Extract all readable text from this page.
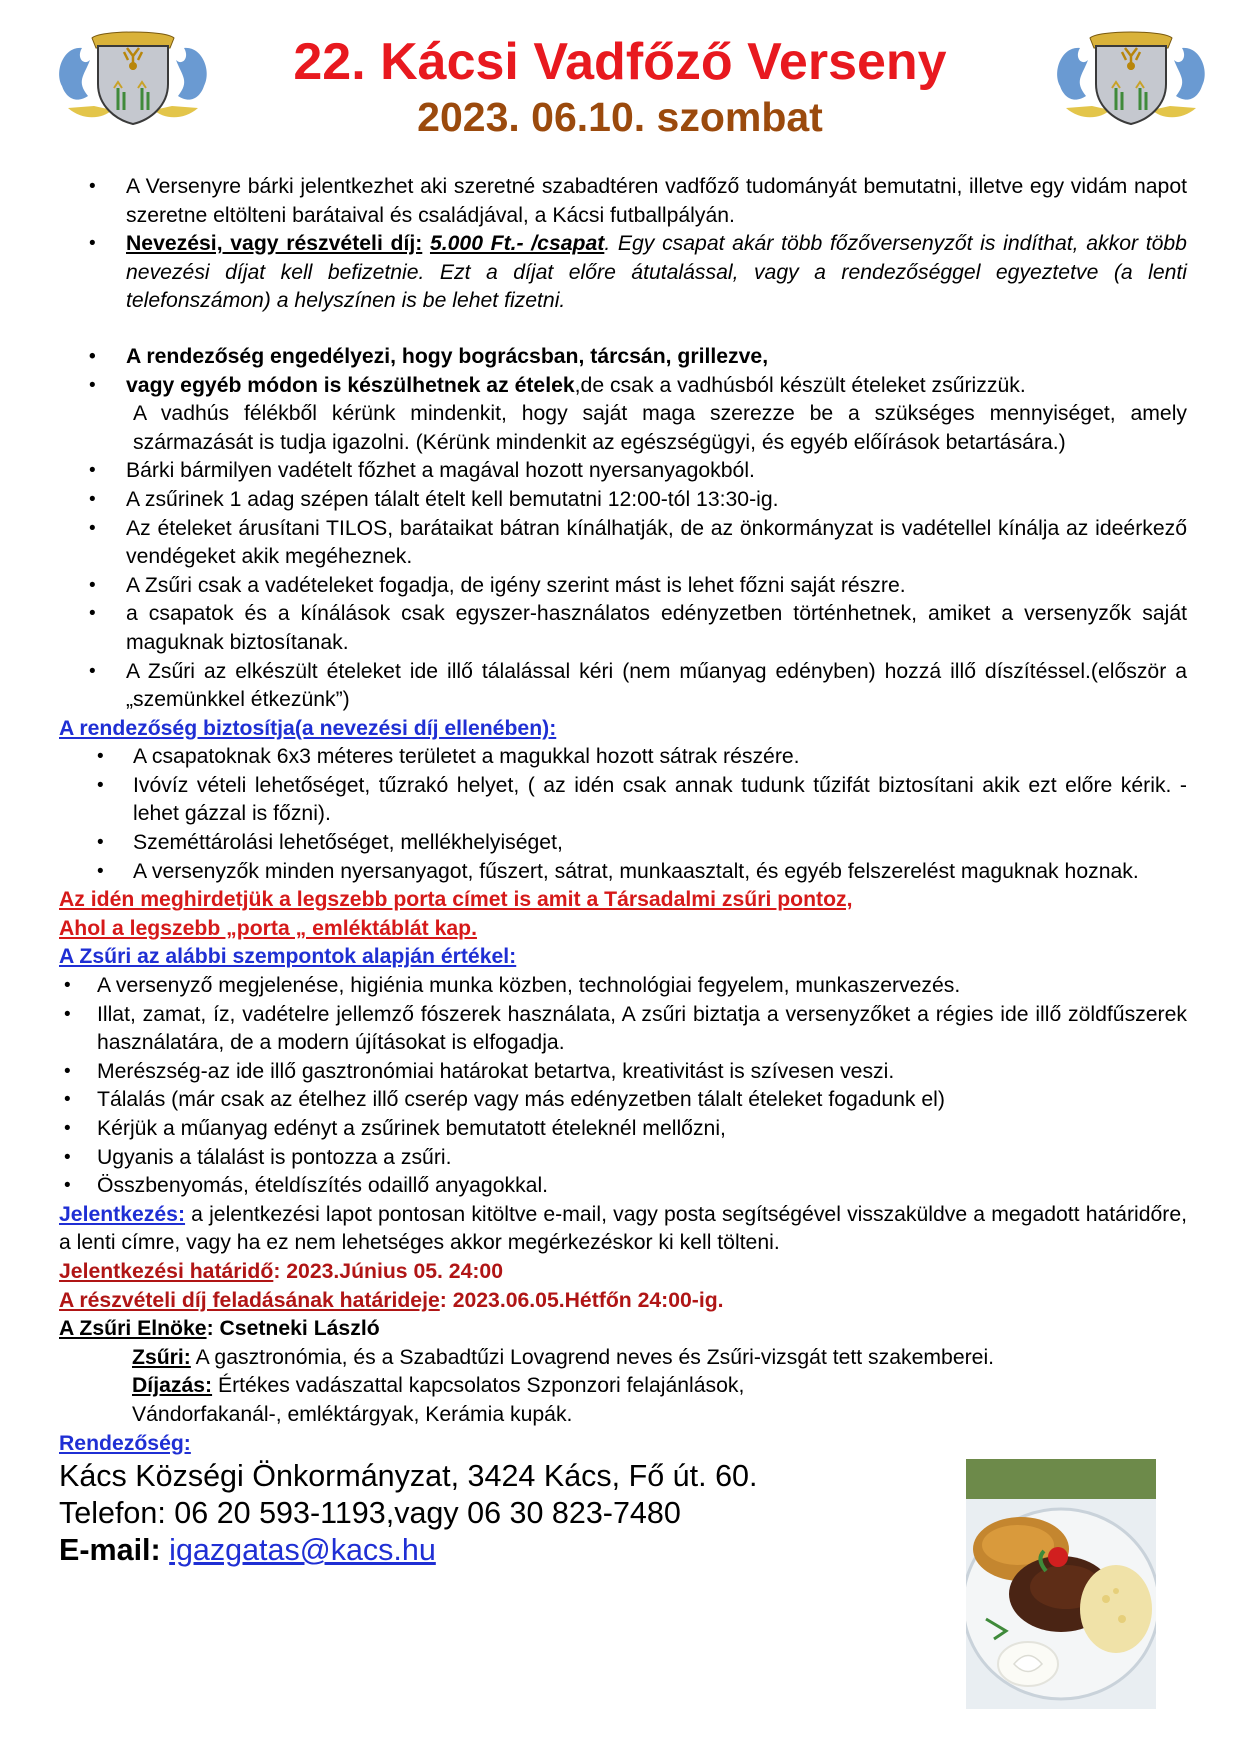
22. Kácsi Vadfőző Verseny
2023. 06.10. szombat
• A Versenyre bárki jelentkezhet aki szeretné szabadtéren vadfőző tudományát bemutatni, illetve egy vidám napot szeretne eltölteni barátaival és családjával, a Kácsi futballpályán.
• Nevezési, vagy részvételi díj: 5.000 Ft.- /csapat. Egy csapat akár több főzőversenyzőt is indíthat, akkor több nevezési díjat kell befizetnie. Ezt a díjat előre átutalással, vagy a rendezőséggel egyeztetve (a lenti telefonszámon) a helyszínen is be lehet fizetni.
• A rendezőség engedélyezi, hogy bográcsban, tárcsán, grillezve,
• vagy egyéb módon is készülhetnek az ételek,de csak a vadhúsból készült ételeket zsűrizzük.
A vadhús félékből kérünk mindenkit, hogy saját maga szerezze be a szükséges mennyiséget, amely származását is tudja igazolni. (Kérünk mindenkit az egészségügyi, és egyéb előírások betartására.)
• Bárki bármilyen vadételt főzhet a magával hozott nyersanyagokból.
• A zsűrinek 1 adag szépen tálalt ételt kell bemutatni 12:00-tól 13:30-ig.
• Az ételeket árusítani TILOS, barátaikat bátran kínálhatják, de az önkormányzat is vadétellel kínálja az ideérkező vendégeket akik megéheznek.
• A Zsűri csak a vadételeket fogadja, de igény szerint mást is lehet főzni saját részre.
• a csapatok és a kínálások csak egyszer-használatos edényzetben történhetnek, amiket a versenyzők saját maguknak biztosítanak.
• A Zsűri az elkészült ételeket ide illő tálalással kéri (nem műanyag edényben) hozzá illő díszítéssel.(először a „szemünkkel étkezünk”)
A rendezőség biztosítja(a nevezési díj ellenében):
• A csapatoknak 6x3 méteres területet a magukkal hozott sátrak részére.
• Ivóvíz vételi lehetőséget, tűzrakó helyet, ( az idén csak annak tudunk tűzifát biztosítani akik ezt előre kérik. - lehet gázzal is főzni).
• Szeméttárolási lehetőséget, mellékhelyiséget,
• A versenyzők minden nyersanyagot, fűszert, sátrat, munkaasztalt, és egyéb felszerelést maguknak hoznak.
Az idén meghirdetjük a legszebb porta címet is amit a Társadalmi zsűri pontoz,
Ahol a legszebb „porta „ emléktáblát kap.
A Zsűri az alábbi szempontok alapján értékel:
• A versenyző megjelenése, higiénia munka közben, technológiai fegyelem, munkaszervezés.
• Illat, zamat, íz, vadételre jellemző fószerek használata, A zsűri biztatja a versenyzőket a régies ide illő zöldfűszerek használatára, de a modern újításokat is elfogadja.
• Merészség-az ide illő gasztronómiai határokat betartva, kreativitást is szívesen veszi.
• Tálalás (már csak az ételhez illő cserép vagy más edényzetben tálalt ételeket fogadunk el)
• Kérjük a műanyag edényt a zsűrinek bemutatott ételeknél mellőzni,
• Ugyanis a tálalást is pontozza a zsűri.
• Összbenyomás, ételdíszítés odaillő anyagokkal.
Jelentkezés: a jelentkezési lapot pontosan kitöltve e-mail, vagy posta segítségével visszaküldve a megadott határidőre, a lenti címre, vagy ha ez nem lehetséges akkor megérkezéskor ki kell tölteni.
Jelentkezési határidő: 2023.Június 05. 24:00
A részvételi díj feladásának határideje: 2023.06.05.Hétfőn 24:00-ig.
A Zsűri Elnöke: Csetneki László
Zsűri: A gasztronómia, és a Szabadtűzi Lovagrend neves és Zsűri-vizsgát tett szakemberei.
Díjazás: Értékes vadászattal kapcsolatos Szponzori felajánlások,
Vándorfakanál-, emléktárgyak, Kerámia kupák.
Rendezőség:
Kács Községi Önkormányzat, 3424 Kács, Fő út. 60.
Telefon: 06 20 593-1193,vagy 06 30 823-7480
E-mail: igazgatas@kacs.hu
